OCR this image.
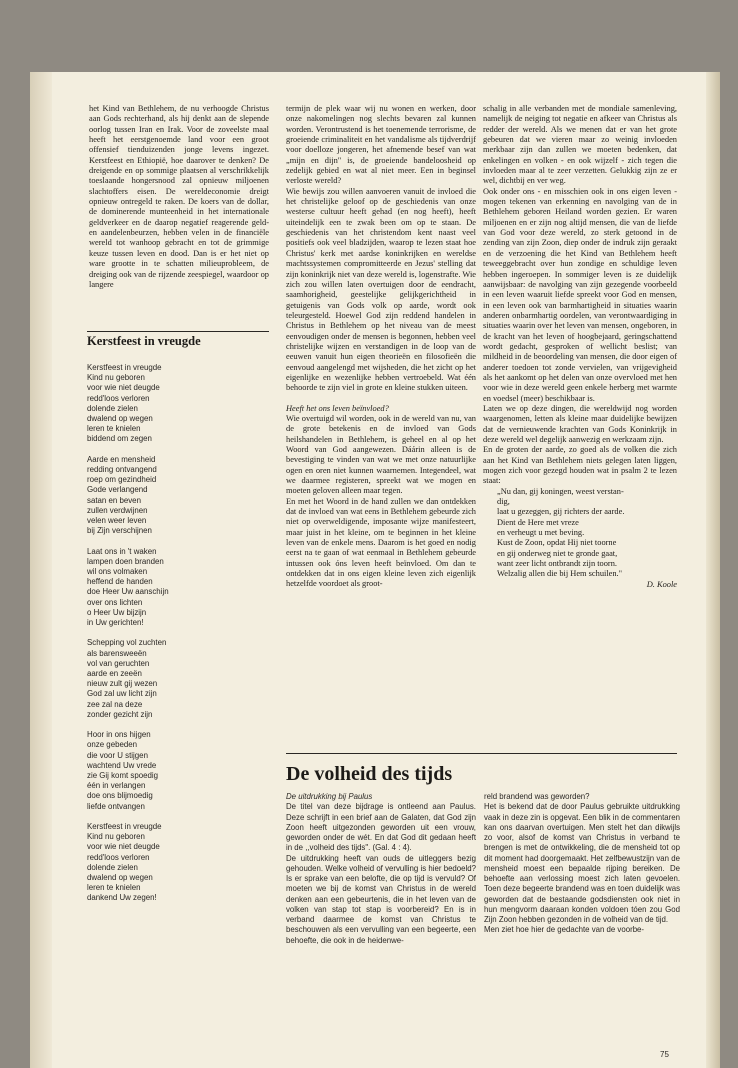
het Kind van Bethlehem, de nu verhoogde Christus aan Gods rechterhand, als hij denkt aan de slepende oorlog tussen Iran en Irak. Voor de zoveelste maal heeft het eerstgenoemde land voor een groot offensief tienduizenden jonge levens ingezet. Kerstfeest en Ethiopië, hoe daarover te denken? De dreigende en op sommige plaatsen al verschrikkelijk toeslaande hongersnood zal opnieuw miljoenen slachtoffers eisen. De wereldeconomie dreigt opnieuw ontregeld te raken. De koers van de dollar, de dominerende munteenheid in het internationale geldverkeer en de daarop negatief reagerende geld- en aandelenbeurzen, hebben velen in de financiële wereld tot wanhoop gebracht en tot de grimmige keuze tussen leven en dood. Dan is er het niet op ware grootte in te schatten milieuprobleem, de dreiging ook van de rijzende zeespiegel, waardoor op langere

termijn de plek waar wij nu wonen en werken, door onze nakomelingen nog slechts bevaren zal kunnen worden. Verontrustend is het toenemende terrorisme, de groeiende criminaliteit en het vandalisme als tijdverdrijf voor doelloze jongeren, het afnemende besef van wat „mijn en dijn" is, de groeiende bandeloosheid op zedelijk gebied en wat al niet meer. Een in beginsel verloste wereld?

Wie bewijs zou willen aanvoeren vanuit de invloed die het christelijke geloof op de geschiedenis van onze westerse cultuur heeft gehad (en nog heeft), heeft uiteindelijk een te zwak been om op te staan. De geschiedenis van het christendom kent naast veel positiefs ook veel bladzijden, waarop te lezen staat hoe Christus' kerk met aardse koninkrijken en wereldse machtssystemen compromitteerde en Jezus' stelling dat zijn koninkrijk niet van deze wereld is, logenstrafte. Wie zich zou willen laten overtuigen door de eendracht, saamhorigheid, geestelijke gelijkgerichtheid in getuigenis van Gods volk op aarde, wordt ook teleurgesteld. Hoewel God zijn reddend handelen in Christus in Bethlehem op het niveau van de meest eenvoudigen onder de mensen is begonnen, hebben veel christelijke wijzen en verstandigen in de loop van de eeuwen vanuit hun eigen theorieën en filosofieën die eenvoud aangelengd met wijsheden, die het zicht op het eigenlijke en wezenlijke hebben vertroebeld. Wat één behoorde te zijn viel in grote en kleine stukken uiteen.

Heeft het ons leven beïnvloed?

Wie overtuigd wil worden, ook in de wereld van nu, van de grote betekenis en de invloed van Gods heilshandelen in Bethlehem, is geheel en al op het Woord van God aangewezen. Dáárin alleen is de bevestiging te vinden van wat we met onze natuurlijke ogen en oren niet kunnen waarnemen. Integendeel, wat we daarmee registeren, spreekt wat we mogen en moeten geloven alleen maar tegen.

En met het Woord in de hand zullen we dan ontdekken dat de invloed van wat eens in Bethlehem gebeurde zich niet op overweldigende, imposante wijze manifesteert, maar juist in het kleine, om te beginnen in het kleine leven van de enkele mens. Daarom is het goed en nodig eerst na te gaan of wat eenmaal in Bethlehem gebeurde intussen ook óns leven heeft beïnvloed. Om dan te ontdekken dat in ons eigen kleine leven zich eigenlijk hetzelfde voordoet als groot-

schalig in alle verbanden met de mondiale samenleving, namelijk de neiging tot negatie en afkeer van Christus als redder der wereld. Als we menen dat er van het grote gebeuren dat we vieren maar zo weinig invloeden merkbaar zijn dan zullen we moeten bedenken, dat enkelingen en volken - en ook wijzelf - zich tegen die invloeden maar al te zeer verzetten. Gelukkig zijn ze er wel, dichtbij en ver weg.

Ook onder ons - en misschien ook in ons eigen leven - mogen tekenen van erkenning en navolging van de in Bethlehem geboren Heiland worden gezien. Er waren miljoenen en er zijn nog altijd mensen, die van de liefde van God voor deze wereld, zo sterk getoond in de zending van zijn Zoon, diep onder de indruk zijn geraakt en de verzoening die het Kind van Bethlehem heeft teweeggebracht over hun zondige en schuldige leven hebben ingeroepen. In sommiger leven is ze duidelijk aanwijsbaar: de navolging van zijn gezegende voorbeeld in een leven waaruit liefde spreekt voor God en mensen, in een leven ook van barmhartigheid in situaties waarin anderen onbarmhartig oordelen, van verontwaardiging in situaties waarin over het leven van mensen, ongeboren, in de kracht van het leven of hoogbejaard, geringschattend wordt gedacht, gesproken of wellicht beslist; van mildheid in de beoordeling van mensen, die door eigen of anderer toedoen tot zonde vervielen, van vrijgevigheid als het aankomt op het delen van onze overvloed met hen voor wie in deze wereld geen enkele herberg met warmte en voedsel (meer) beschikbaar is.

Laten we op deze dingen, die wereldwijd nog worden waargenomen, letten als kleine maar duidelijke bewijzen dat de vernieuwende krachten van Gods Koninkrijk in deze wereld wel degelijk aanwezig en werkzaam zijn.

En de groten der aarde, zo goed als de volken die zich aan het Kind van Bethlehem niets gelegen laten liggen, mogen zich voor gezegd houden wat in psalm 2 te lezen staat:

„Nu dan, gij koningen, weest verstan-
dig,
laat u gezeggen, gij richters der aarde.
Dient de Here met vreze
en verheugt u met beving.
Kust de Zoon, opdat Hij niet toorne
en gij onderweg niet te gronde gaat,
want zeer licht ontbrandt zijn toorn.
Welzalig allen die bij Hem schuilen."
D. Koole
Kerstfeest in vreugde
Kerstfeest in vreugde
Kind nu geboren
voor wie niet deugde
redd'loos verloren
dolende zielen
dwalend op wegen
leren te knielen
biddend om zegen
Aarde en mensheid
redding ontvangend
roep om gezindheid
Gode verlangend
satan en beven
zullen verdwijnen
velen weer leven
bij Zijn verschijnen
Laat ons in 't waken
lampen doen branden
wil ons volmaken
heffend de handen
doe Heer Uw aanschijn
over ons lichten
o Heer Uw bijzijn
in Uw gerichten!
Schepping vol zuchten
als barensweeën
vol van geruchten
aarde en zeeën
nieuw zult gij wezen
God zal uw licht zijn
zee zal na deze
zonder gezicht zijn
Hoor in ons hijgen
onze gebeden
die voor U stijgen
wachtend Uw vrede
zie Gij komt spoedig
één in verlangen
doe ons blijmoedig
liefde ontvangen
Kerstfeest in vreugde
Kind nu geboren
voor wie niet deugde
redd'loos verloren
dolende zielen
dwalend op wegen
leren te knielen
dankend Uw zegen!
De volheid des tijds
De uitdrukking bij Paulus

De titel van deze bijdrage is ontleend aan Paulus. Deze schrijft in een brief aan de Galaten, dat God zijn Zoon heeft uitgezonden geworden uit een vrouw, geworden onder de wét. En dat God dit gedaan heeft in de ,,volheid des tijds". (Gal. 4 : 4).

De uitdrukking heeft van ouds de uitleggers bezig gehouden. Welke volheid of vervulling is hier bedoeld? Is er sprake van een belofte, die op tijd is vervuld? Of moeten we bij de komst van Christus in de wereld denken aan een gebeurtenis, die in het leven van de volken van stap tot stap is voorbereid? En is in verband daarmee de komst van Christus te beschouwen als een vervulling van een begeerte, een behoefte, die ook in de heidenwe-

reld brandend was geworden?

Het is bekend dat de door Paulus gebruikte uitdrukking vaak in deze zin is opgevat. Een blik in de commentaren kan ons daarvan overtuigen. Men stelt het dan dikwijls zo voor, alsof de komst van Christus in verband te brengen is met de ontwikkeling, die de mensheid tot op dit moment had doorgemaakt. Het zelfbewustzijn van de mensheid moest een bepaalde rijping bereiken. De behoefte aan verlossing moest zich laten gevoelen. Toen deze begeerte brandend was en toen duidelijk was geworden dat de bestaande godsdiensten ook niet in hun mengvorm daaraan konden voldoen tóen zou God Zijn Zoon hebben gezonden in de volheid van de tijd.

Men ziet hoe hier de gedachte van de voorbe-

75
